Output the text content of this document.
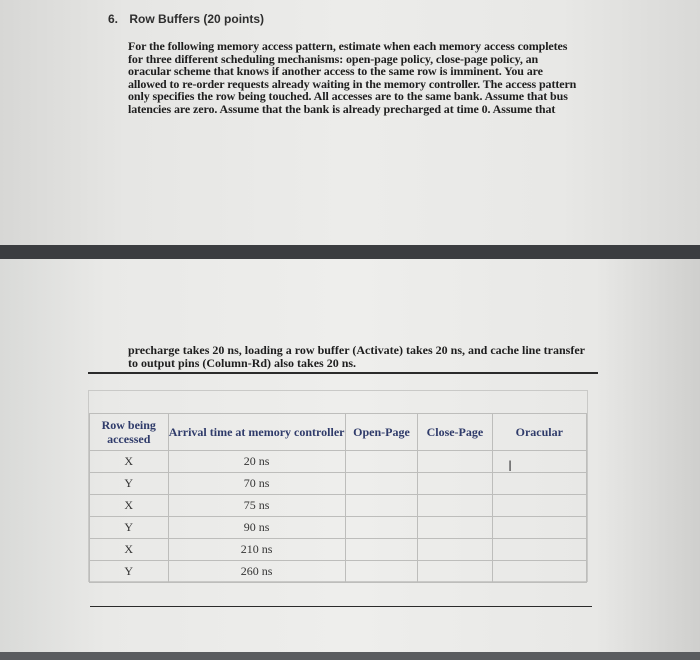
6. Row Buffers (20 points)
For the following memory access pattern, estimate when each memory access completes
for three different scheduling mechanisms: open-page policy, close-page policy, an
oracular scheme that knows if another access to the same row is imminent. You are
allowed to re-order requests already waiting in the memory controller. The access pattern
only specifies the row being touched. All accesses are to the same bank. Assume that bus
latencies are zero. Assume that the bank is already precharged at time 0. Assume that
precharge takes 20 ns, loading a row buffer (Activate) takes 20 ns, and cache line transfer
to output pins (Column-Rd) also takes 20 ns.
Row being accessed	Arrival time at memory controller	Open-Page	Close-Page	Oracular
X	20 ns			
Y	70 ns			
X	75 ns			
Y	90 ns			
X	210 ns			
Y	260 ns			
I
